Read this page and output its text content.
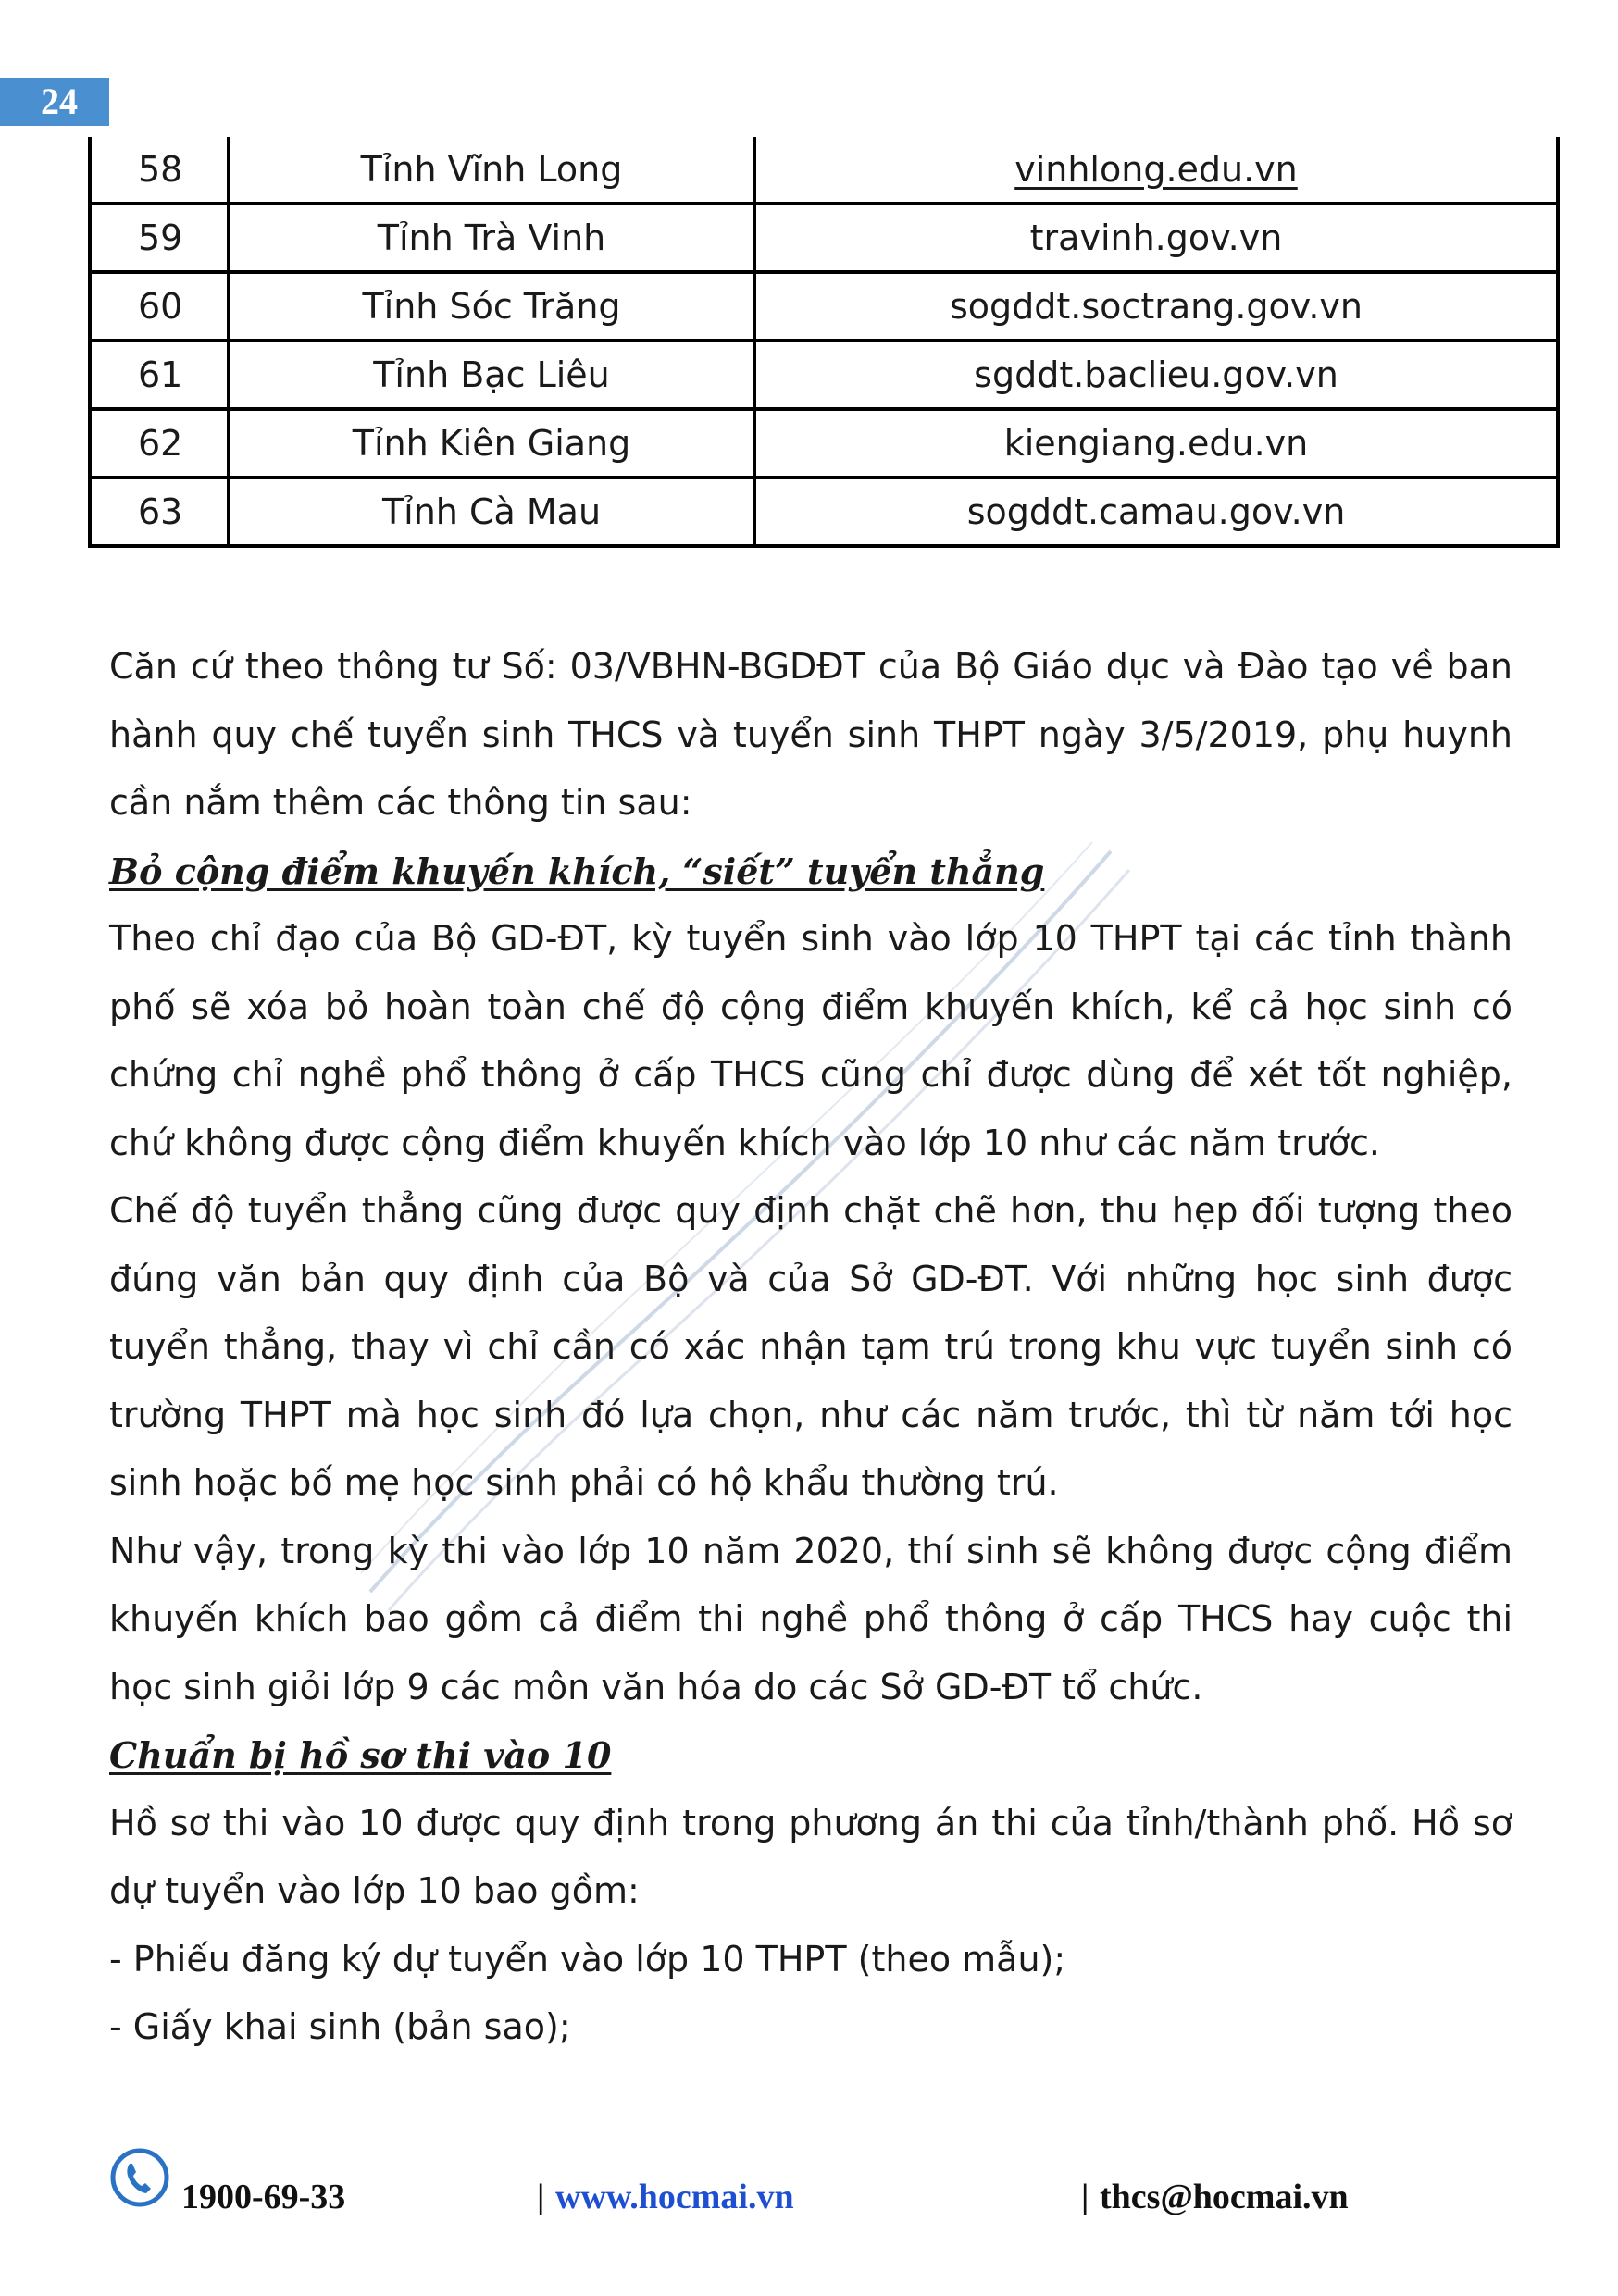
24
58	Tỉnh Vĩnh Long	vinhlong.edu.vn
59	Tỉnh Trà Vinh	travinh.gov.vn
60	Tỉnh Sóc Trăng	sogddt.soctrang.gov.vn
61	Tỉnh Bạc Liêu	sgddt.baclieu.gov.vn
62	Tỉnh Kiên Giang	kiengiang.edu.vn
63	Tỉnh Cà Mau	sogddt.camau.gov.vn

Căn cứ theo thông tư Số: 03/VBHN-BGDĐT của Bộ Giáo dục và Đào tạo về ban hành quy chế tuyển sinh THCS và tuyển sinh THPT ngày 3/5/2019, phụ huynh cần nắm thêm các thông tin sau:

Bỏ cộng điểm khuyến khích, “siết” tuyển thẳng

Theo chỉ đạo của Bộ GD-ĐT, kỳ tuyển sinh vào lớp 10 THPT tại các tỉnh thành phố sẽ xóa bỏ hoàn toàn chế độ cộng điểm khuyến khích, kể cả học sinh có chứng chỉ nghề phổ thông ở cấp THCS cũng chỉ được dùng để xét tốt nghiệp, chứ không được cộng điểm khuyến khích vào lớp 10 như các năm trước.

Chế độ tuyển thẳng cũng được quy định chặt chẽ hơn, thu hẹp đối tượng theo đúng văn bản quy định của Bộ và của Sở GD-ĐT. Với những học sinh được tuyển thẳng, thay vì chỉ cần có xác nhận tạm trú trong khu vực tuyển sinh có trường THPT mà học sinh đó lựa chọn, như các năm trước, thì từ năm tới học sinh hoặc bố mẹ học sinh phải có hộ khẩu thường trú.

Như vậy, trong kỳ thi vào lớp 10 năm 2020, thí sinh sẽ không được cộng điểm khuyến khích bao gồm cả điểm thi nghề phổ thông ở cấp THCS hay cuộc thi học sinh giỏi lớp 9 các môn văn hóa do các Sở GD-ĐT tổ chức.

Chuẩn bị hồ sơ thi vào 10

Hồ sơ thi vào 10 được quy định trong phương án thi của tỉnh/thành phố. Hồ sơ dự tuyển vào lớp 10 bao gồm:

- Phiếu đăng ký dự tuyển vào lớp 10 THPT (theo mẫu);

- Giấy khai sinh (bản sao);

1900-69-33	| www.hocmai.vn	| thcs@hocmai.vn
